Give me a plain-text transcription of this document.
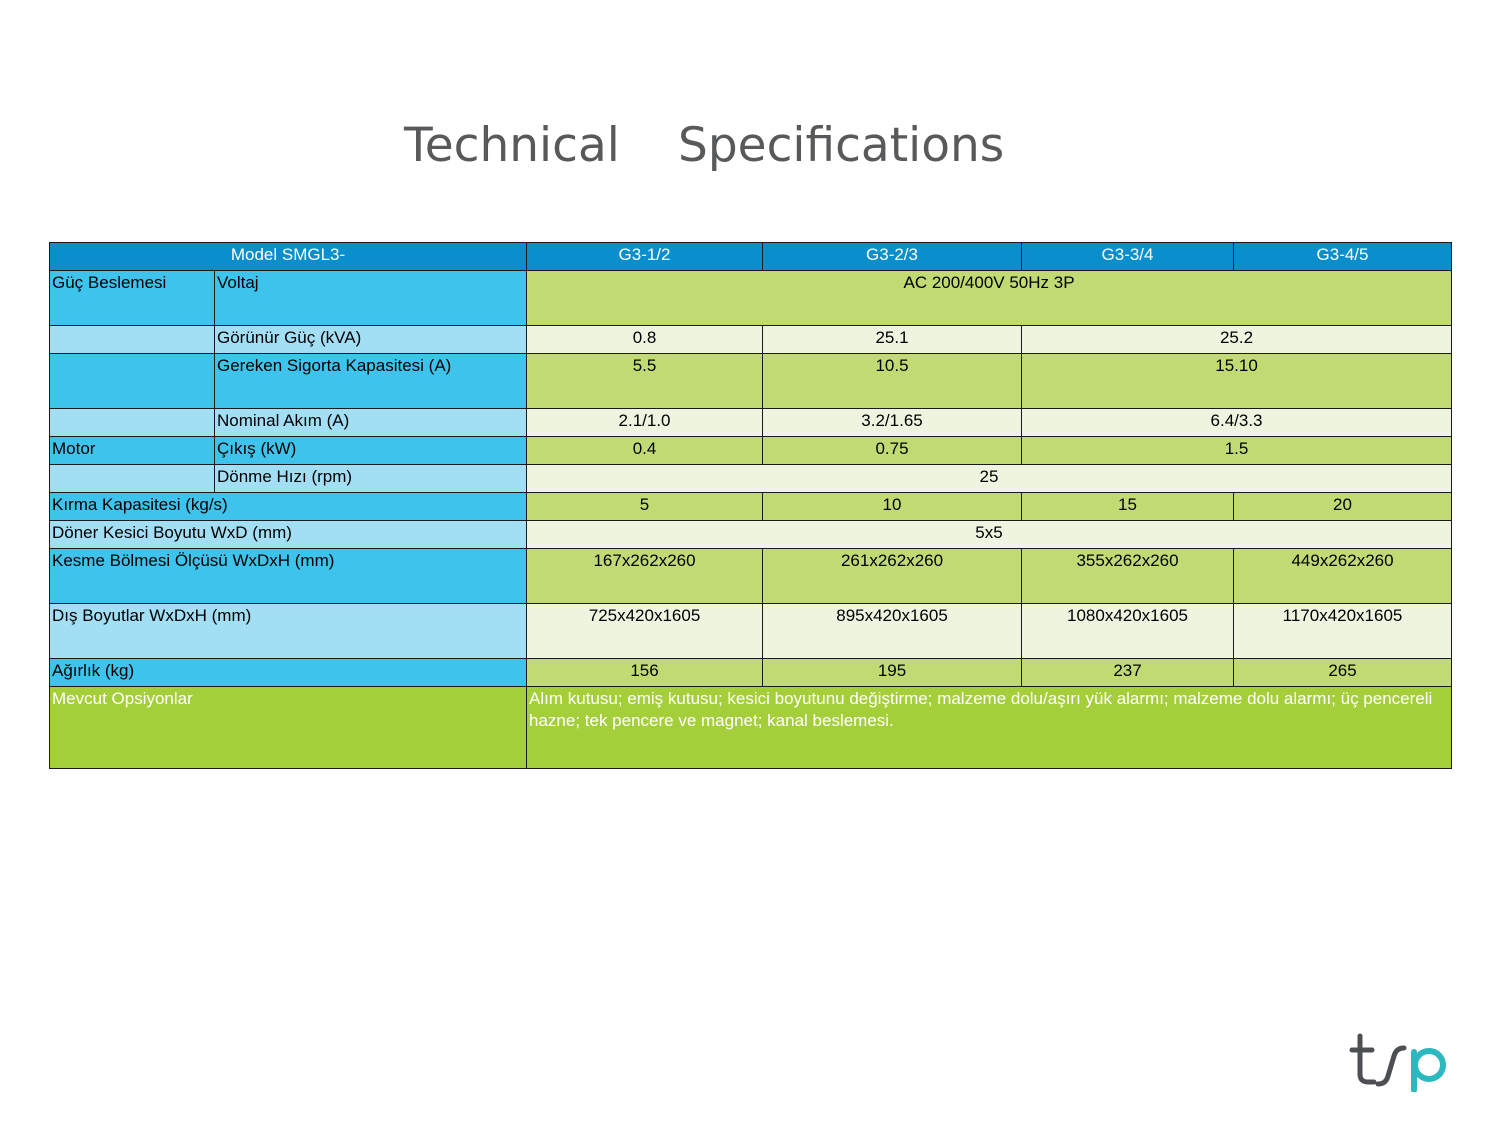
Technical Specifications
Model SMGL3-		G3-1/2	G3-2/3	G3-3/4	G3-4/5
Güç Beslemesi	Voltaj	AC 200/400V 50Hz 3P			
	Görünür Güç (kVA)	0.8	25.1	25.2	
	Gereken Sigorta Kapasitesi (A)	5.5	10.5	15.10	
	Nominal Akım (A)	2.1/1.0	3.2/1.65	6.4/3.3	
Motor	Çıkış (kW)	0.4	0.75	1.5	
	Dönme Hızı (rpm)	25			
Kırma Kapasitesi (kg/s)		5	10	15	20
Döner Kesici Boyutu WxD (mm)		5x5			
Kesme Bölmesi Ölçüsü WxDxH (mm)		167x262x260	261x262x260	355x262x260	449x262x260
Dış Boyutlar WxDxH (mm)		725x420x1605	895x420x1605	1080x420x1605	1170x420x1605
Ağırlık (kg)		156	195	237	265
Mevcut Opsiyonlar		Alım kutusu; emiş kutusu; kesici boyutunu değiştirme; malzeme dolu/aşırı yük alarmı; malzeme dolu alarmı; üç pencereli hazne; tek pencere ve magnet; kanal beslemesi.			
